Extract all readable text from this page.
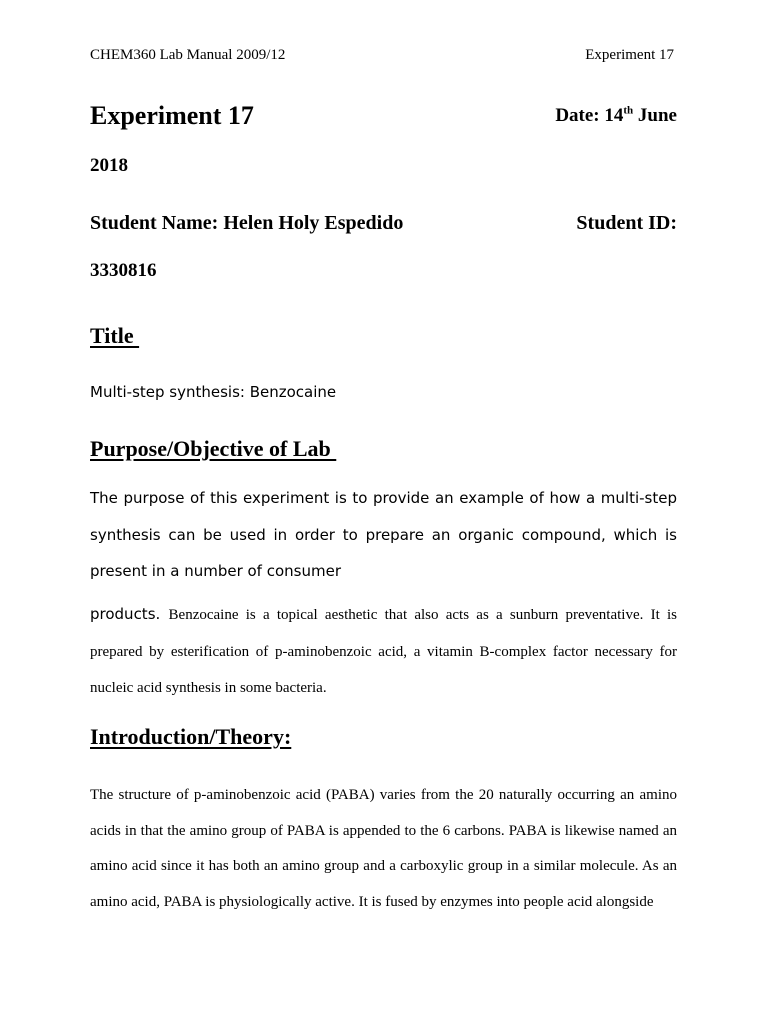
CHEM360 Lab Manual 2009/12	Experiment 17
Experiment 17	Date: 14th June
2018
Student Name: Helen Holy Espedido	Student ID:
3330816
Title
Multi-step synthesis: Benzocaine
Purpose/Objective of Lab

The purpose of this experiment is to provide an example of how a multi-step synthesis can be used in order to prepare an organic compound, which is present in a number of consumer

products. Benzocaine is a topical aesthetic that also acts as a sunburn preventative. It is prepared by esterification of p-aminobenzoic acid, a vitamin B-complex factor necessary for nucleic acid synthesis in some bacteria.

Introduction/Theory:

The structure of p-aminobenzoic acid (PABA) varies from the 20 naturally occurring an amino acids in that the amino group of PABA is appended to the 6 carbons. PABA is likewise named an amino acid since it has both an amino group and a carboxylic group in a similar molecule. As an amino acid, PABA is physiologically active. It is fused by enzymes into people acid alongside
